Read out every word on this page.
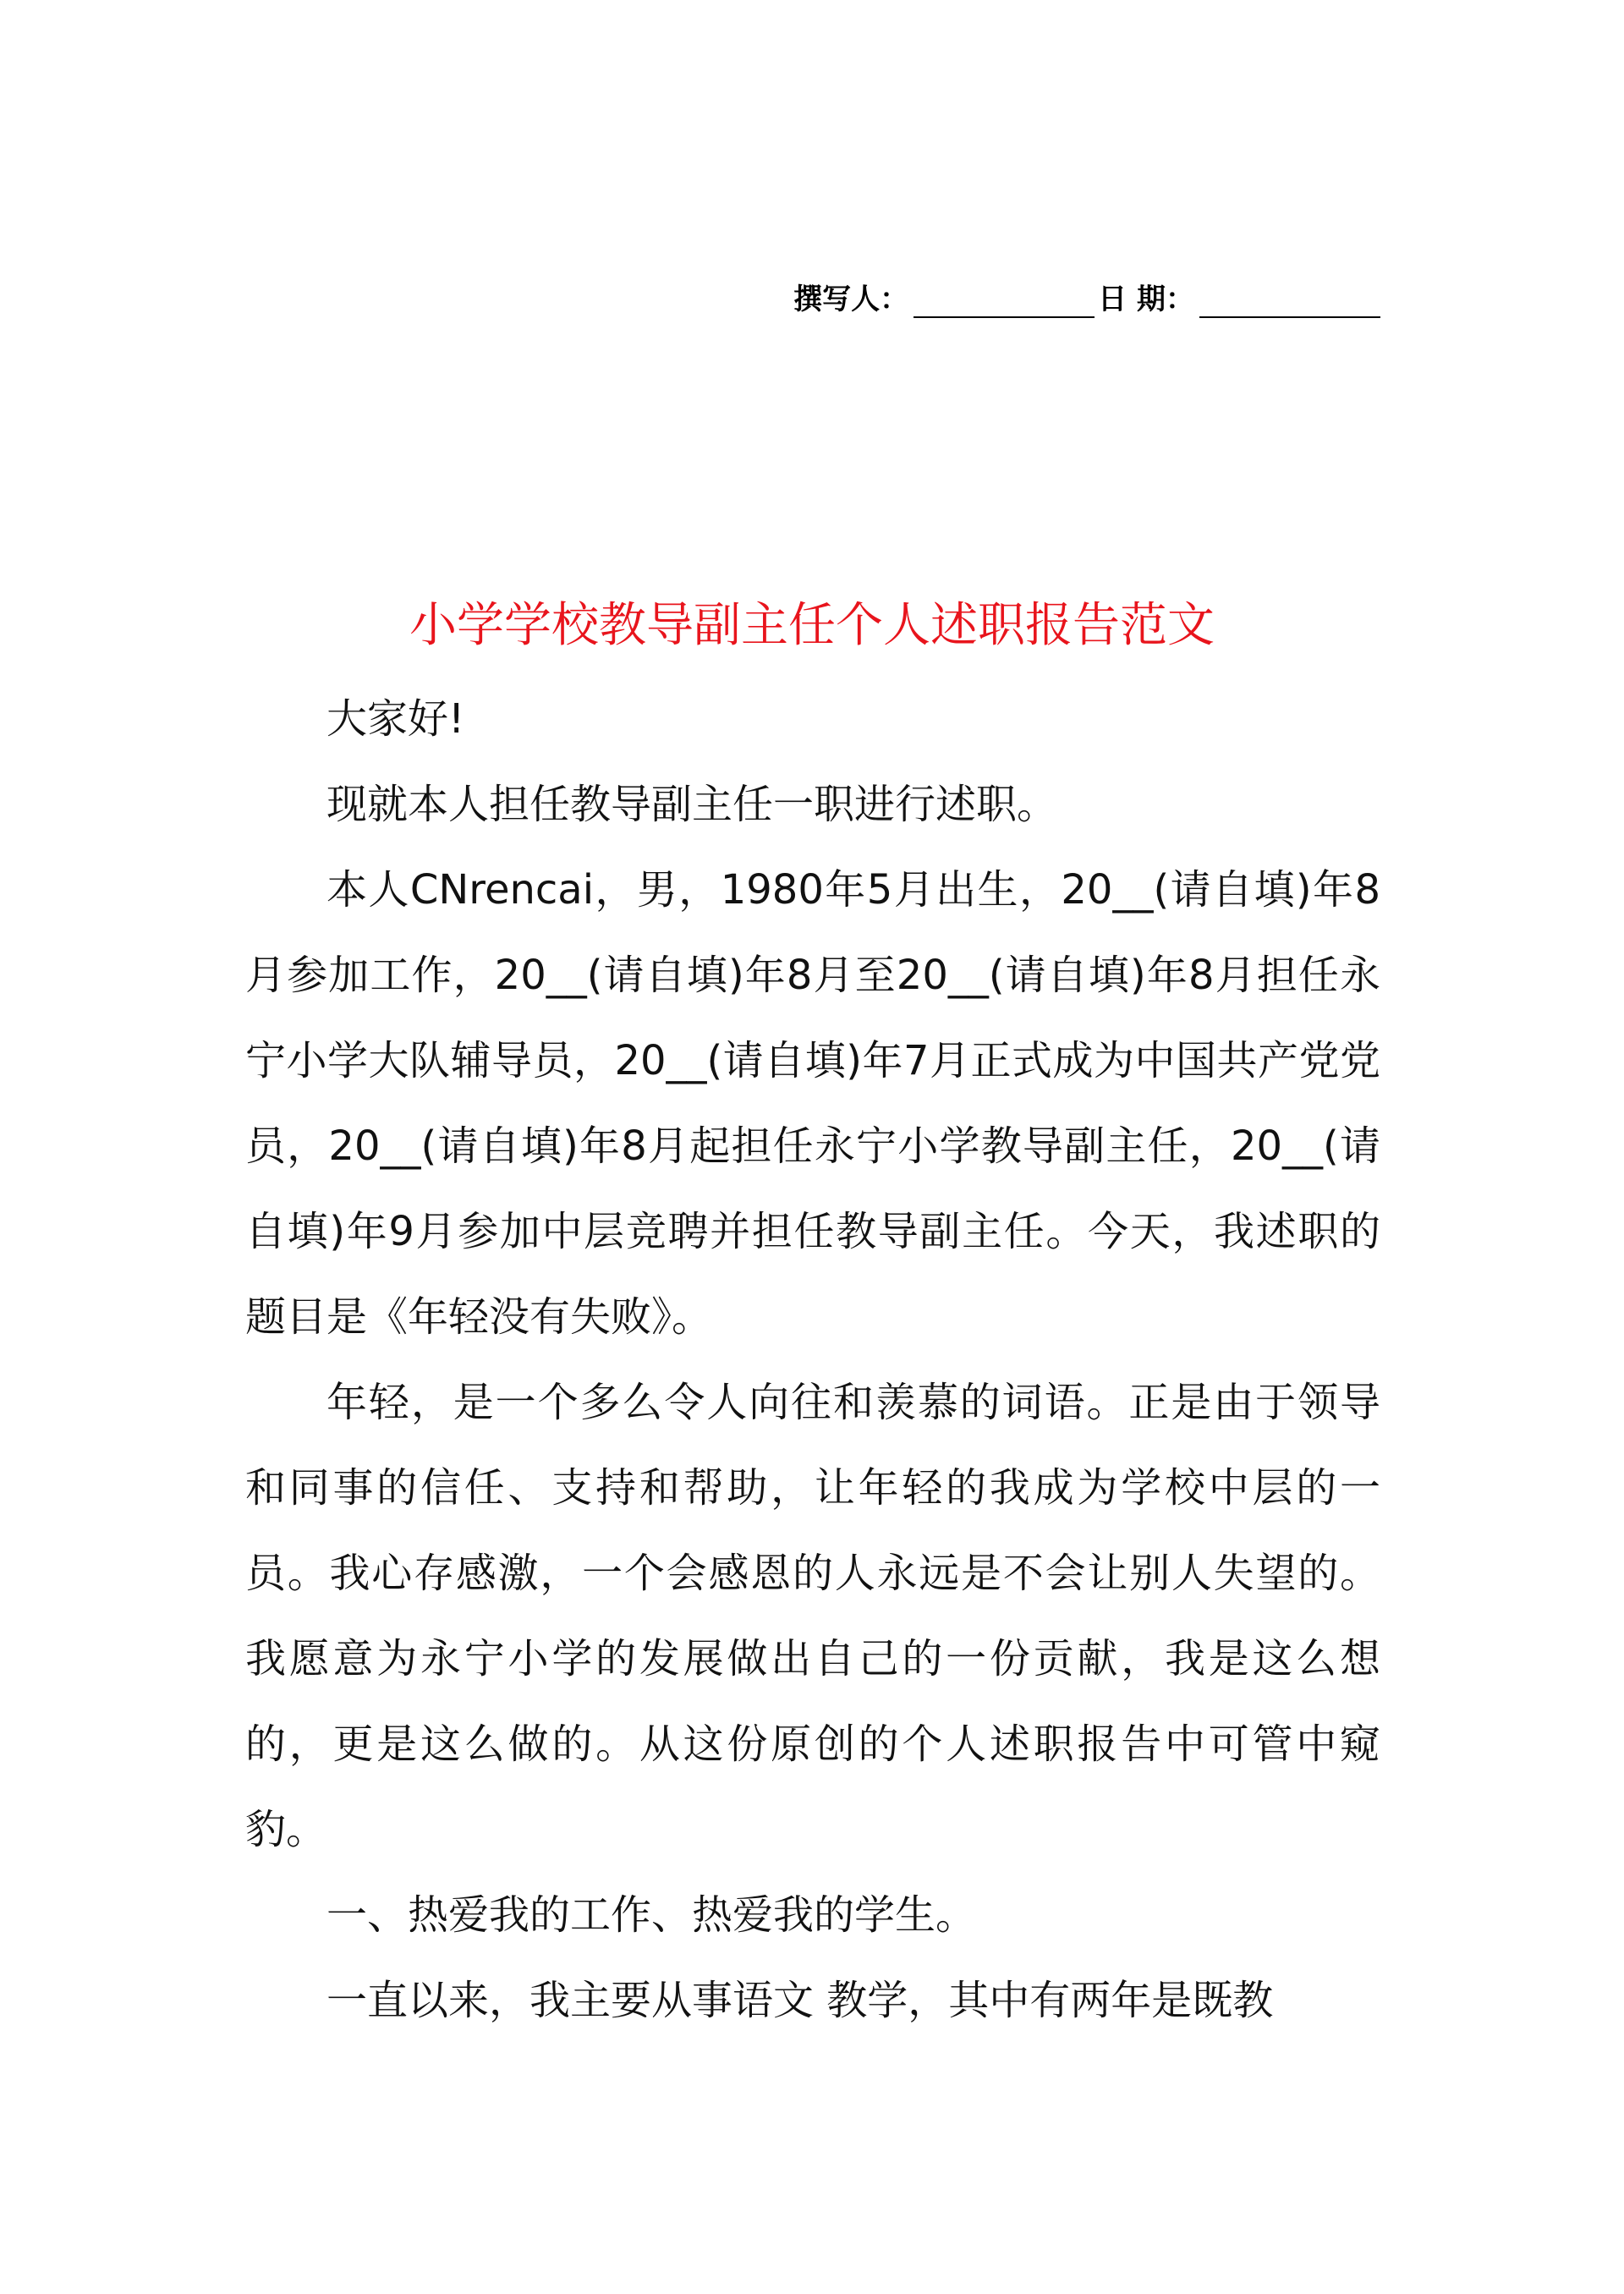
撰写人：	日 期：
小学学校教导副主任个人述职报告范文

大家好!

现就本人担任教导副主任一职进行述职。

本人CNrencai，男，1980年5月出生，20__(请自填)年8月参加工作，20__(请自填)年8月至20__(请自填)年8月担任永宁小学大队辅导员，20__(请自填)年7月正式成为中国共产党党员，20__(请自填)年8月起担任永宁小学教导副主任，20__(请自填)年9月参加中层竞聘并担任教导副主任。今天，我述职的题目是《年轻没有失败》。

年轻，是一个多么令人向往和羡慕的词语。正是由于领导和同事的信任、支持和帮助，让年轻的我成为学校中层的一员。我心存感激，一个会感恩的人永远是不会让别人失望的。我愿意为永宁小学的发展做出自己的一份贡献，我是这么想的，更是这么做的。从这份原创的个人述职报告中可管中窥豹。

一、热爱我的工作、热爱我的学生。

一直以来，我主要从事语文 教学，其中有两年是既教
